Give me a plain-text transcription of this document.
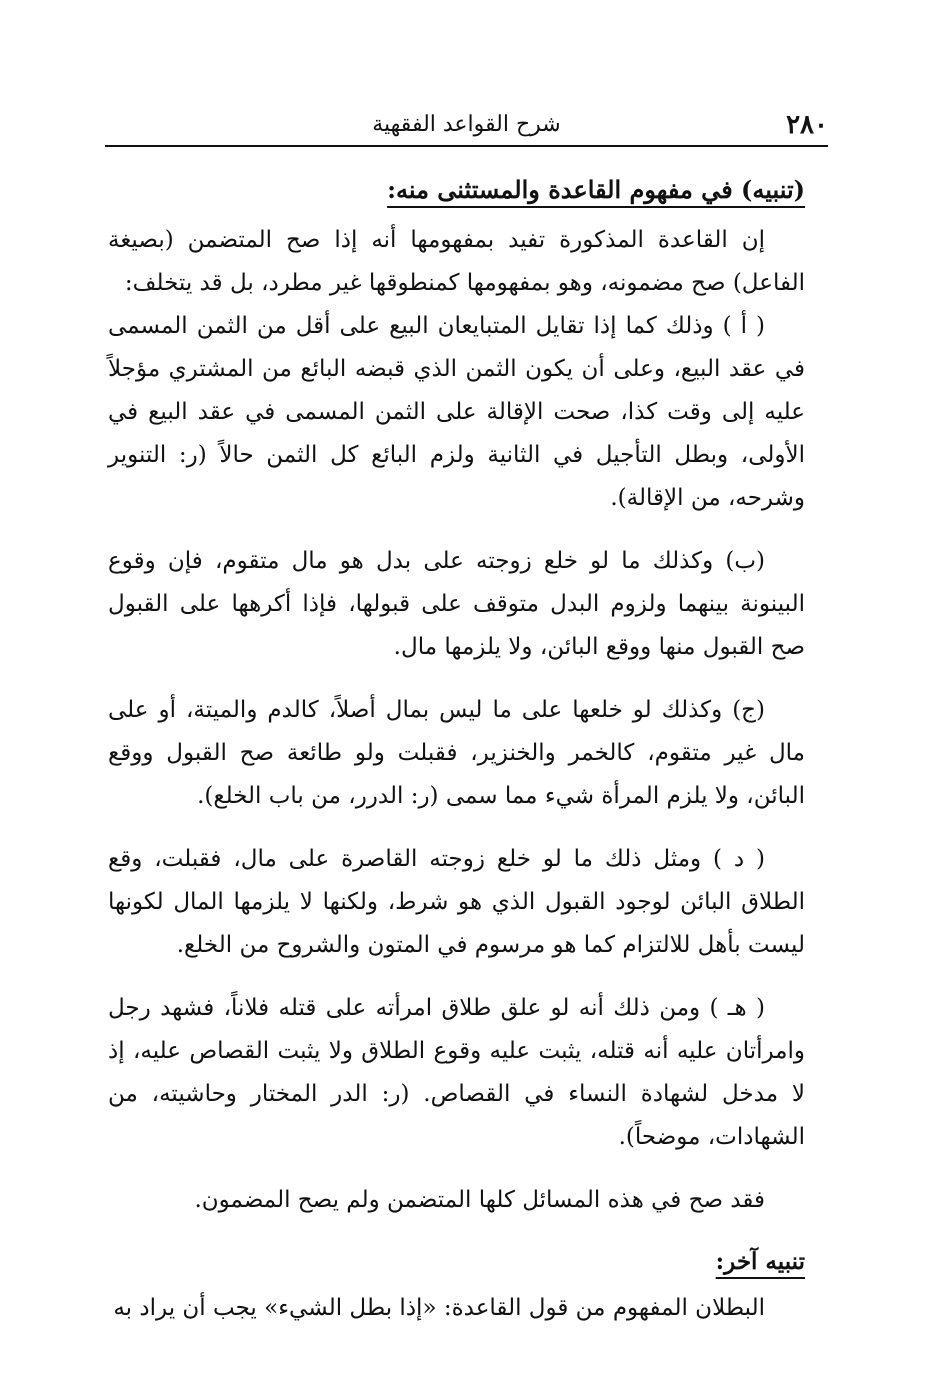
٢٨٠
شرح القواعد الفقهية

(تنبيه) في مفهوم القاعدة والمستثنى منه:

إن القاعدة المذكورة تفيد بمفهومها أنه إذا صح المتضمن (بصيغة الفاعل) صح مضمونه، وهو بمفهومها كمنطوقها غير مطرد، بل قد يتخلف:

( أ ) وذلك كما إذا تقايل المتبايعان البيع على أقل من الثمن المسمى في عقد البيع، وعلى أن يكون الثمن الذي قبضه البائع من المشتري مؤجلاً عليه إلى وقت كذا، صحت الإقالة على الثمن المسمى في عقد البيع في الأولى، وبطل التأجيل في الثانية ولزم البائع كل الثمن حالاً (ر: التنوير وشرحه، من الإقالة).

(ب) وكذلك ما لو خلع زوجته على بدل هو مال متقوم، فإن وقوع البينونة بينهما ولزوم البدل متوقف على قبولها، فإذا أكرهها على القبول صح القبول منها ووقع البائن، ولا يلزمها مال.

(ج) وكذلك لو خلعها على ما ليس بمال أصلاً، كالدم والميتة، أو على مال غير متقوم، كالخمر والخنزير، فقبلت ولو طائعة صح القبول ووقع البائن، ولا يلزم المرأة شيء مما سمى (ر: الدرر، من باب الخلع).

( د ) ومثل ذلك ما لو خلع زوجته القاصرة على مال، فقبلت، وقع الطلاق البائن لوجود القبول الذي هو شرط، ولكنها لا يلزمها المال لكونها ليست بأهل للالتزام كما هو مرسوم في المتون والشروح من الخلع.

( هـ ) ومن ذلك أنه لو علق طلاق امرأته على قتله فلاناً، فشهد رجل وامرأتان عليه أنه قتله، يثبت عليه وقوع الطلاق ولا يثبت القصاص عليه، إذ لا مدخل لشهادة النساء في القصاص. (ر: الدر المختار وحاشيته، من الشهادات، موضحاً).

فقد صح في هذه المسائل كلها المتضمن ولم يصح المضمون.

تنبيه آخر:

البطلان المفهوم من قول القاعدة: «إذا بطل الشيء» يجب أن يراد به
